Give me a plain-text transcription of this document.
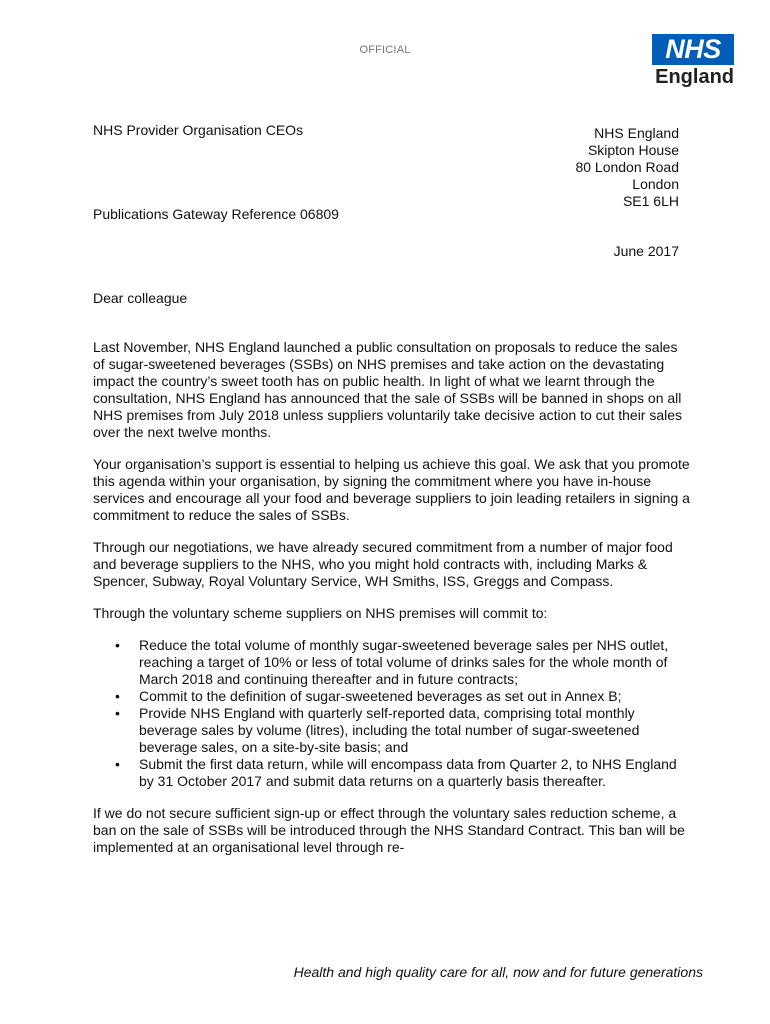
OFFICIAL	NHS
England
NHS Provider Organisation CEOs
Publications Gateway Reference 06809
NHS England
Skipton House
80 London Road
London
SE1 6LH
June 2017
Dear colleague

Last November, NHS England launched a public consultation on proposals to reduce the sales of sugar-sweetened beverages (SSBs) on NHS premises and take action on the devastating impact the country’s sweet tooth has on public health. In light of what we learnt through the consultation, NHS England has announced that the sale of SSBs will be banned in shops on all NHS premises from July 2018 unless suppliers voluntarily take decisive action to cut their sales over the next twelve months.

Your organisation’s support is essential to helping us achieve this goal. We ask that you promote this agenda within your organisation, by signing the commitment where you have in-house services and encourage all your food and beverage suppliers to join leading retailers in signing a commitment to reduce the sales of SSBs.

Through our negotiations, we have already secured commitment from a number of major food and beverage suppliers to the NHS, who you might hold contracts with, including Marks & Spencer, Subway, Royal Voluntary Service, WH Smiths, ISS, Greggs and Compass.

Through the voluntary scheme suppliers on NHS premises will commit to:

• Reduce the total volume of monthly sugar-sweetened beverage sales per NHS outlet, reaching a target of 10% or less of total volume of drinks sales for the whole month of March 2018 and continuing thereafter and in future contracts;
• Commit to the definition of sugar-sweetened beverages as set out in Annex B;
• Provide NHS England with quarterly self-reported data, comprising total monthly beverage sales by volume (litres), including the total number of sugar-sweetened beverage sales, on a site-by-site basis; and
• Submit the first data return, while will encompass data from Quarter 2, to NHS England by 31 October 2017 and submit data returns on a quarterly basis thereafter.

If we do not secure sufficient sign-up or effect through the voluntary sales reduction scheme, a ban on the sale of SSBs will be introduced through the NHS Standard Contract. This ban will be implemented at an organisational level through re-

Health and high quality care for all, now and for future generations
